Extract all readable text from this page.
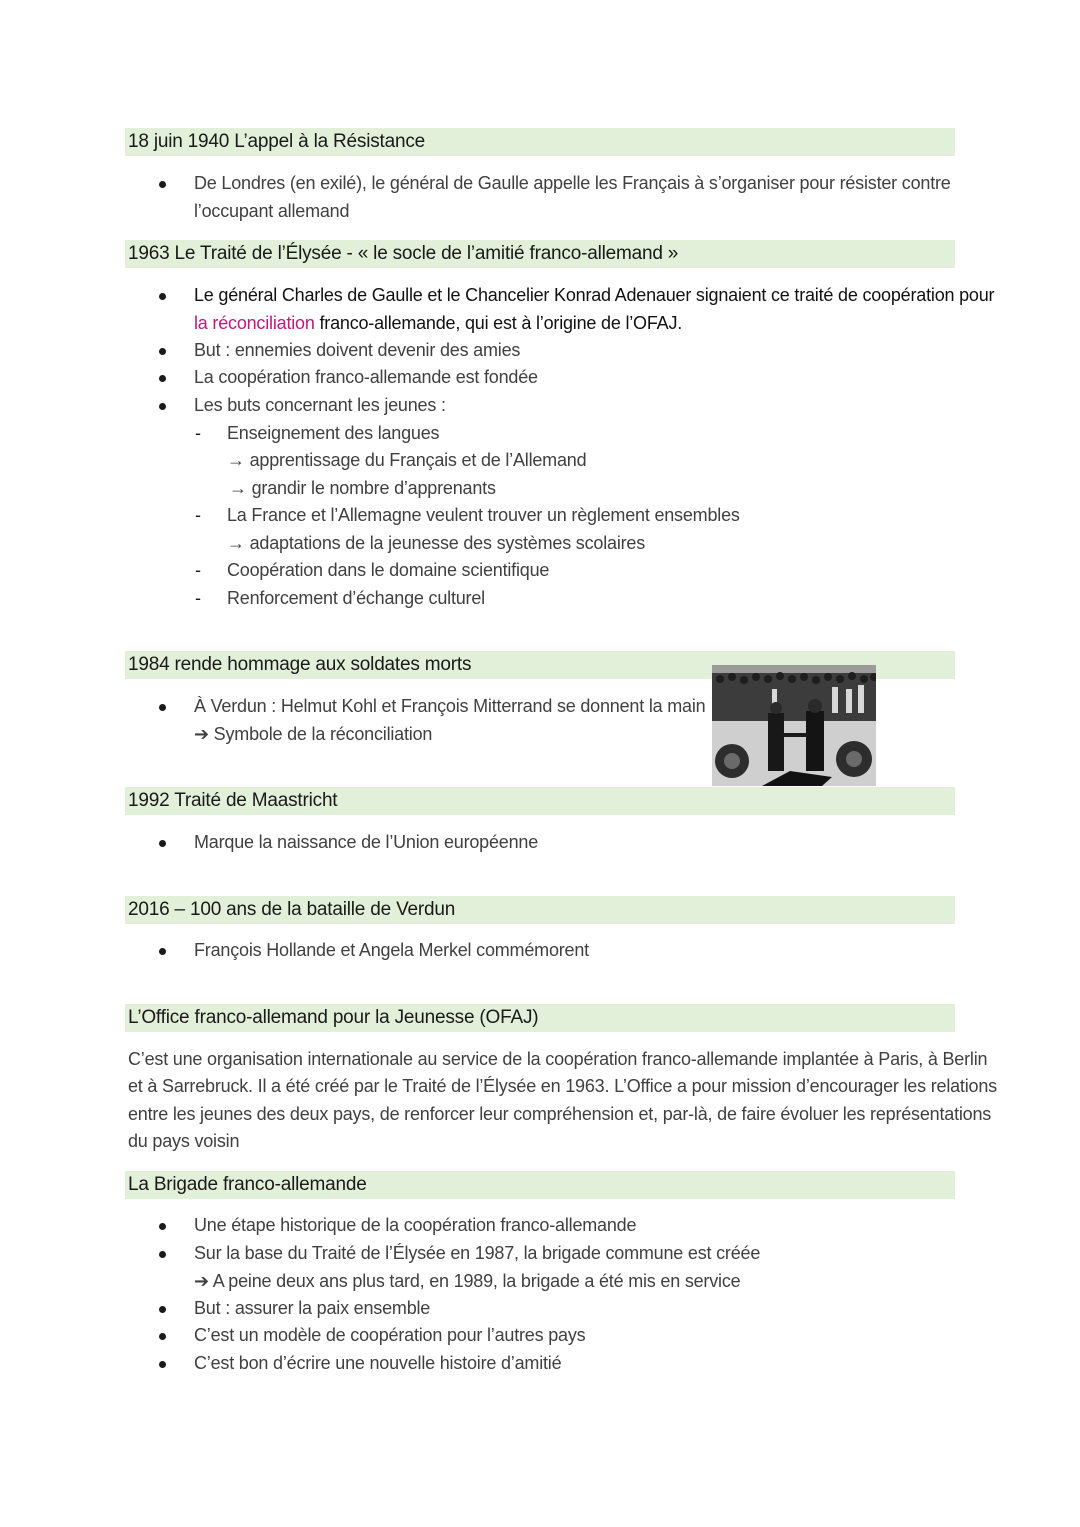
18 juin 1940 L’appel à la Résistance
De Londres (en exilé), le général de Gaulle appelle les Français à s’organiser pour résister contre
l’occupant allemand
1963 Le Traité de l’Élysée - « le socle de l’amitié franco-allemand »
Le général Charles de Gaulle et le Chancelier Konrad Adenauer signaient ce traité de coopération pour
la réconciliation franco-allemande, qui est à l’origine de l’OFAJ.
But : ennemies doivent devenir des amies
La coopération franco-allemande est fondée
Les buts concernant les jeunes :
- Enseignement des langues
→ apprentissage du Français et de l’Allemand
→ grandir le nombre d’apprenants
- La France et l’Allemagne veulent trouver un règlement ensembles
→ adaptations de la jeunesse des systèmes scolaires
- Coopération dans le domaine scientifique
- Renforcement d’échange culturel
1984 rende hommage aux soldates morts
À Verdun : Helmut Kohl et François Mitterrand se donnent la main
➔ Symbole de la réconciliation
1992 Traité de Maastricht
Marque la naissance de l’Union européenne
2016 – 100 ans de la bataille de Verdun
François Hollande et Angela Merkel commémorent
L’Office franco-allemand pour la Jeunesse (OFAJ)
C’est une organisation internationale au service de la coopération franco-allemande implantée à Paris, à Berlin
et à Sarrebruck. Il a été créé par le Traité de l’Élysée en 1963. L’Office a pour mission d’encourager les relations
entre les jeunes des deux pays, de renforcer leur compréhension et, par-là, de faire évoluer les représentations
du pays voisin
La Brigade franco-allemande
Une étape historique de la coopération franco-allemande
Sur la base du Traité de l’Élysée en 1987, la brigade commune est créée
➔ A peine deux ans plus tard, en 1989, la brigade a été mis en service
But : assurer la paix ensemble
C’est un modèle de coopération pour l’autres pays
C’est bon d’écrire une nouvelle histoire d’amitié
